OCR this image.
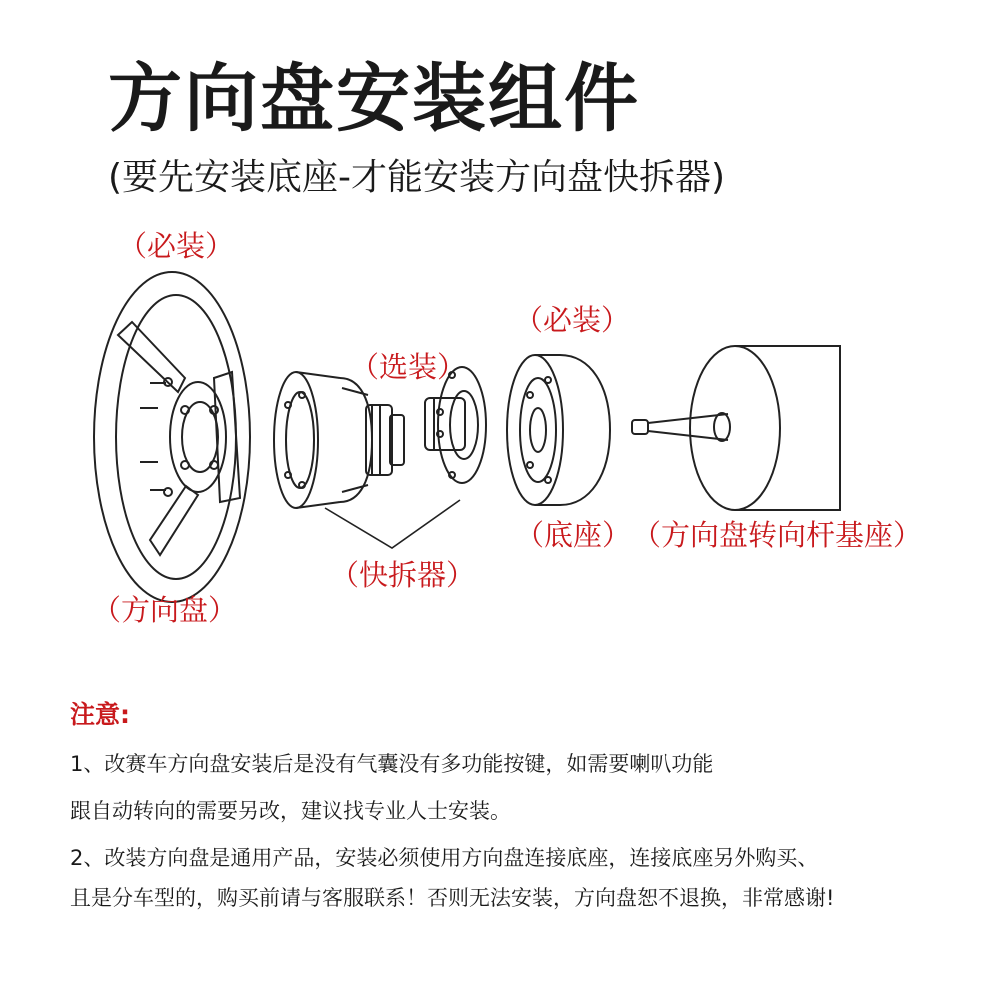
方向盘安装组件
(要先安装底座-才能安装方向盘快拆器)
（必装）
（方向盘）
（选装）
（必装）
（快拆器）
（底座） （方向盘转向杆基座）
注意:
1、改赛车方向盘安装后是没有气囊没有多功能按键，如需要喇叭功能
跟自动转向的需要另改，建议找专业人士安装。
2、改装方向盘是通用产品，安装必须使用方向盘连接底座，连接底座另外购买、
且是分车型的，购买前请与客服联系！否则无法安装，方向盘恕不退换，非常感谢!
